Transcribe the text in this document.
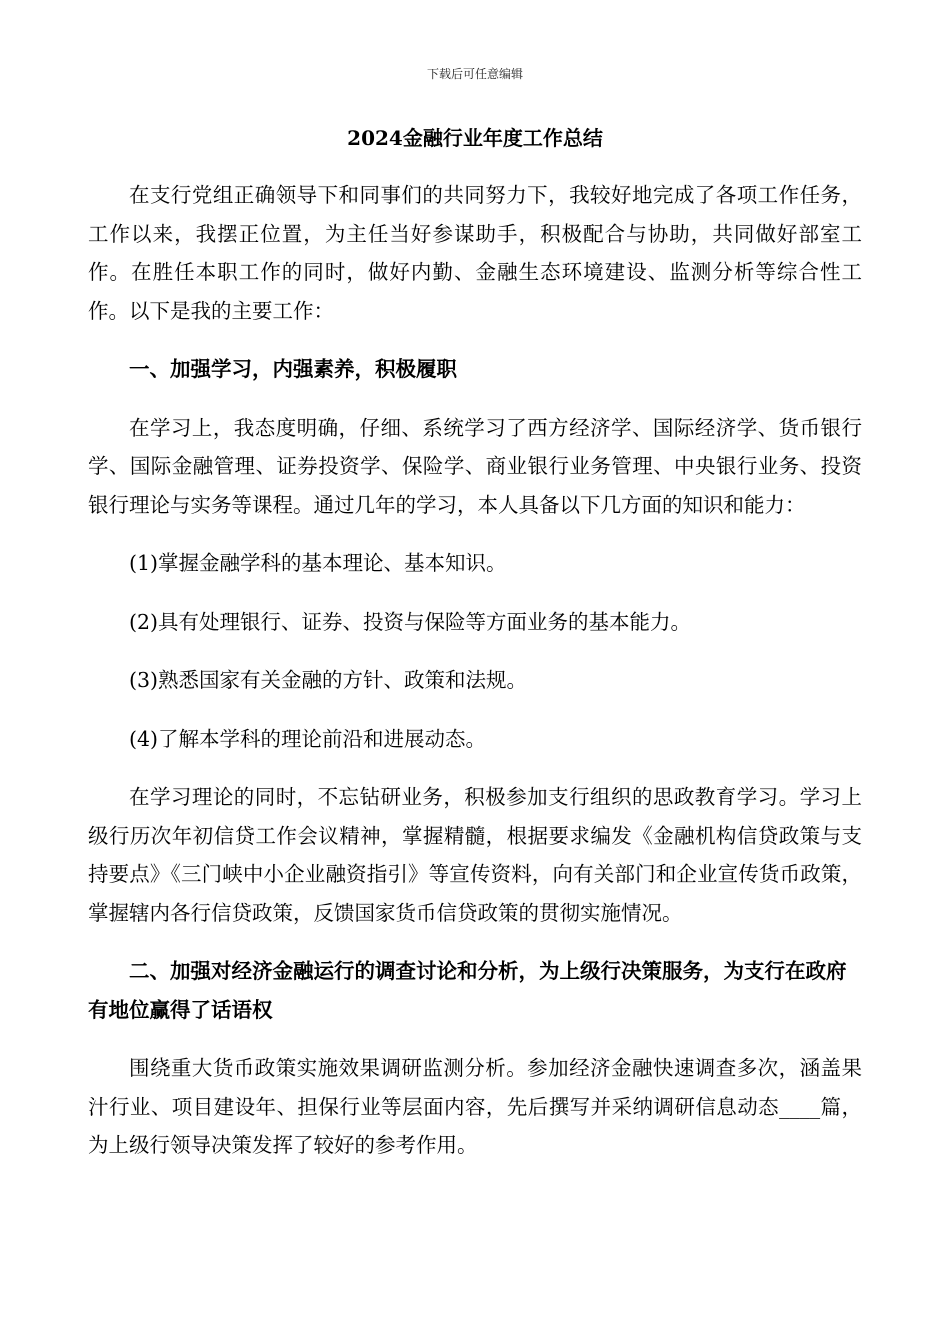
下载后可任意编辑
2024金融行业年度工作总结

在支行党组正确领导下和同事们的共同努力下，我较好地完成了各项工作任务，工作以来，我摆正位置，为主任当好参谋助手，积极配合与协助，共同做好部室工作。在胜任本职工作的同时，做好内勤、金融生态环境建设、监测分析等综合性工作。以下是我的主要工作：

一、加强学习，内强素养，积极履职

在学习上，我态度明确，仔细、系统学习了西方经济学、国际经济学、货币银行学、国际金融管理、证券投资学、保险学、商业银行业务管理、中央银行业务、投资银行理论与实务等课程。通过几年的学习，本人具备以下几方面的知识和能力：

(1)掌握金融学科的基本理论、基本知识。

(2)具有处理银行、证券、投资与保险等方面业务的基本能力。

(3)熟悉国家有关金融的方针、政策和法规。

(4)了解本学科的理论前沿和进展动态。

在学习理论的同时，不忘钻研业务，积极参加支行组织的思政教育学习。学习上级行历次年初信贷工作会议精神，掌握精髓，根据要求编发《金融机构信贷政策与支持要点》《三门峡中小企业融资指引》等宣传资料，向有关部门和企业宣传货币政策，掌握辖内各行信贷政策，反馈国家货币信贷政策的贯彻实施情况。

二、加强对经济金融运行的调查讨论和分析，为上级行决策服务，为支行在政府有地位赢得了话语权

围绕重大货币政策实施效果调研监测分析。参加经济金融快速调查多次，涵盖果汁行业、项目建设年、担保行业等层面内容，先后撰写并采纳调研信息动态____篇，为上级行领导决策发挥了较好的参考作用。
